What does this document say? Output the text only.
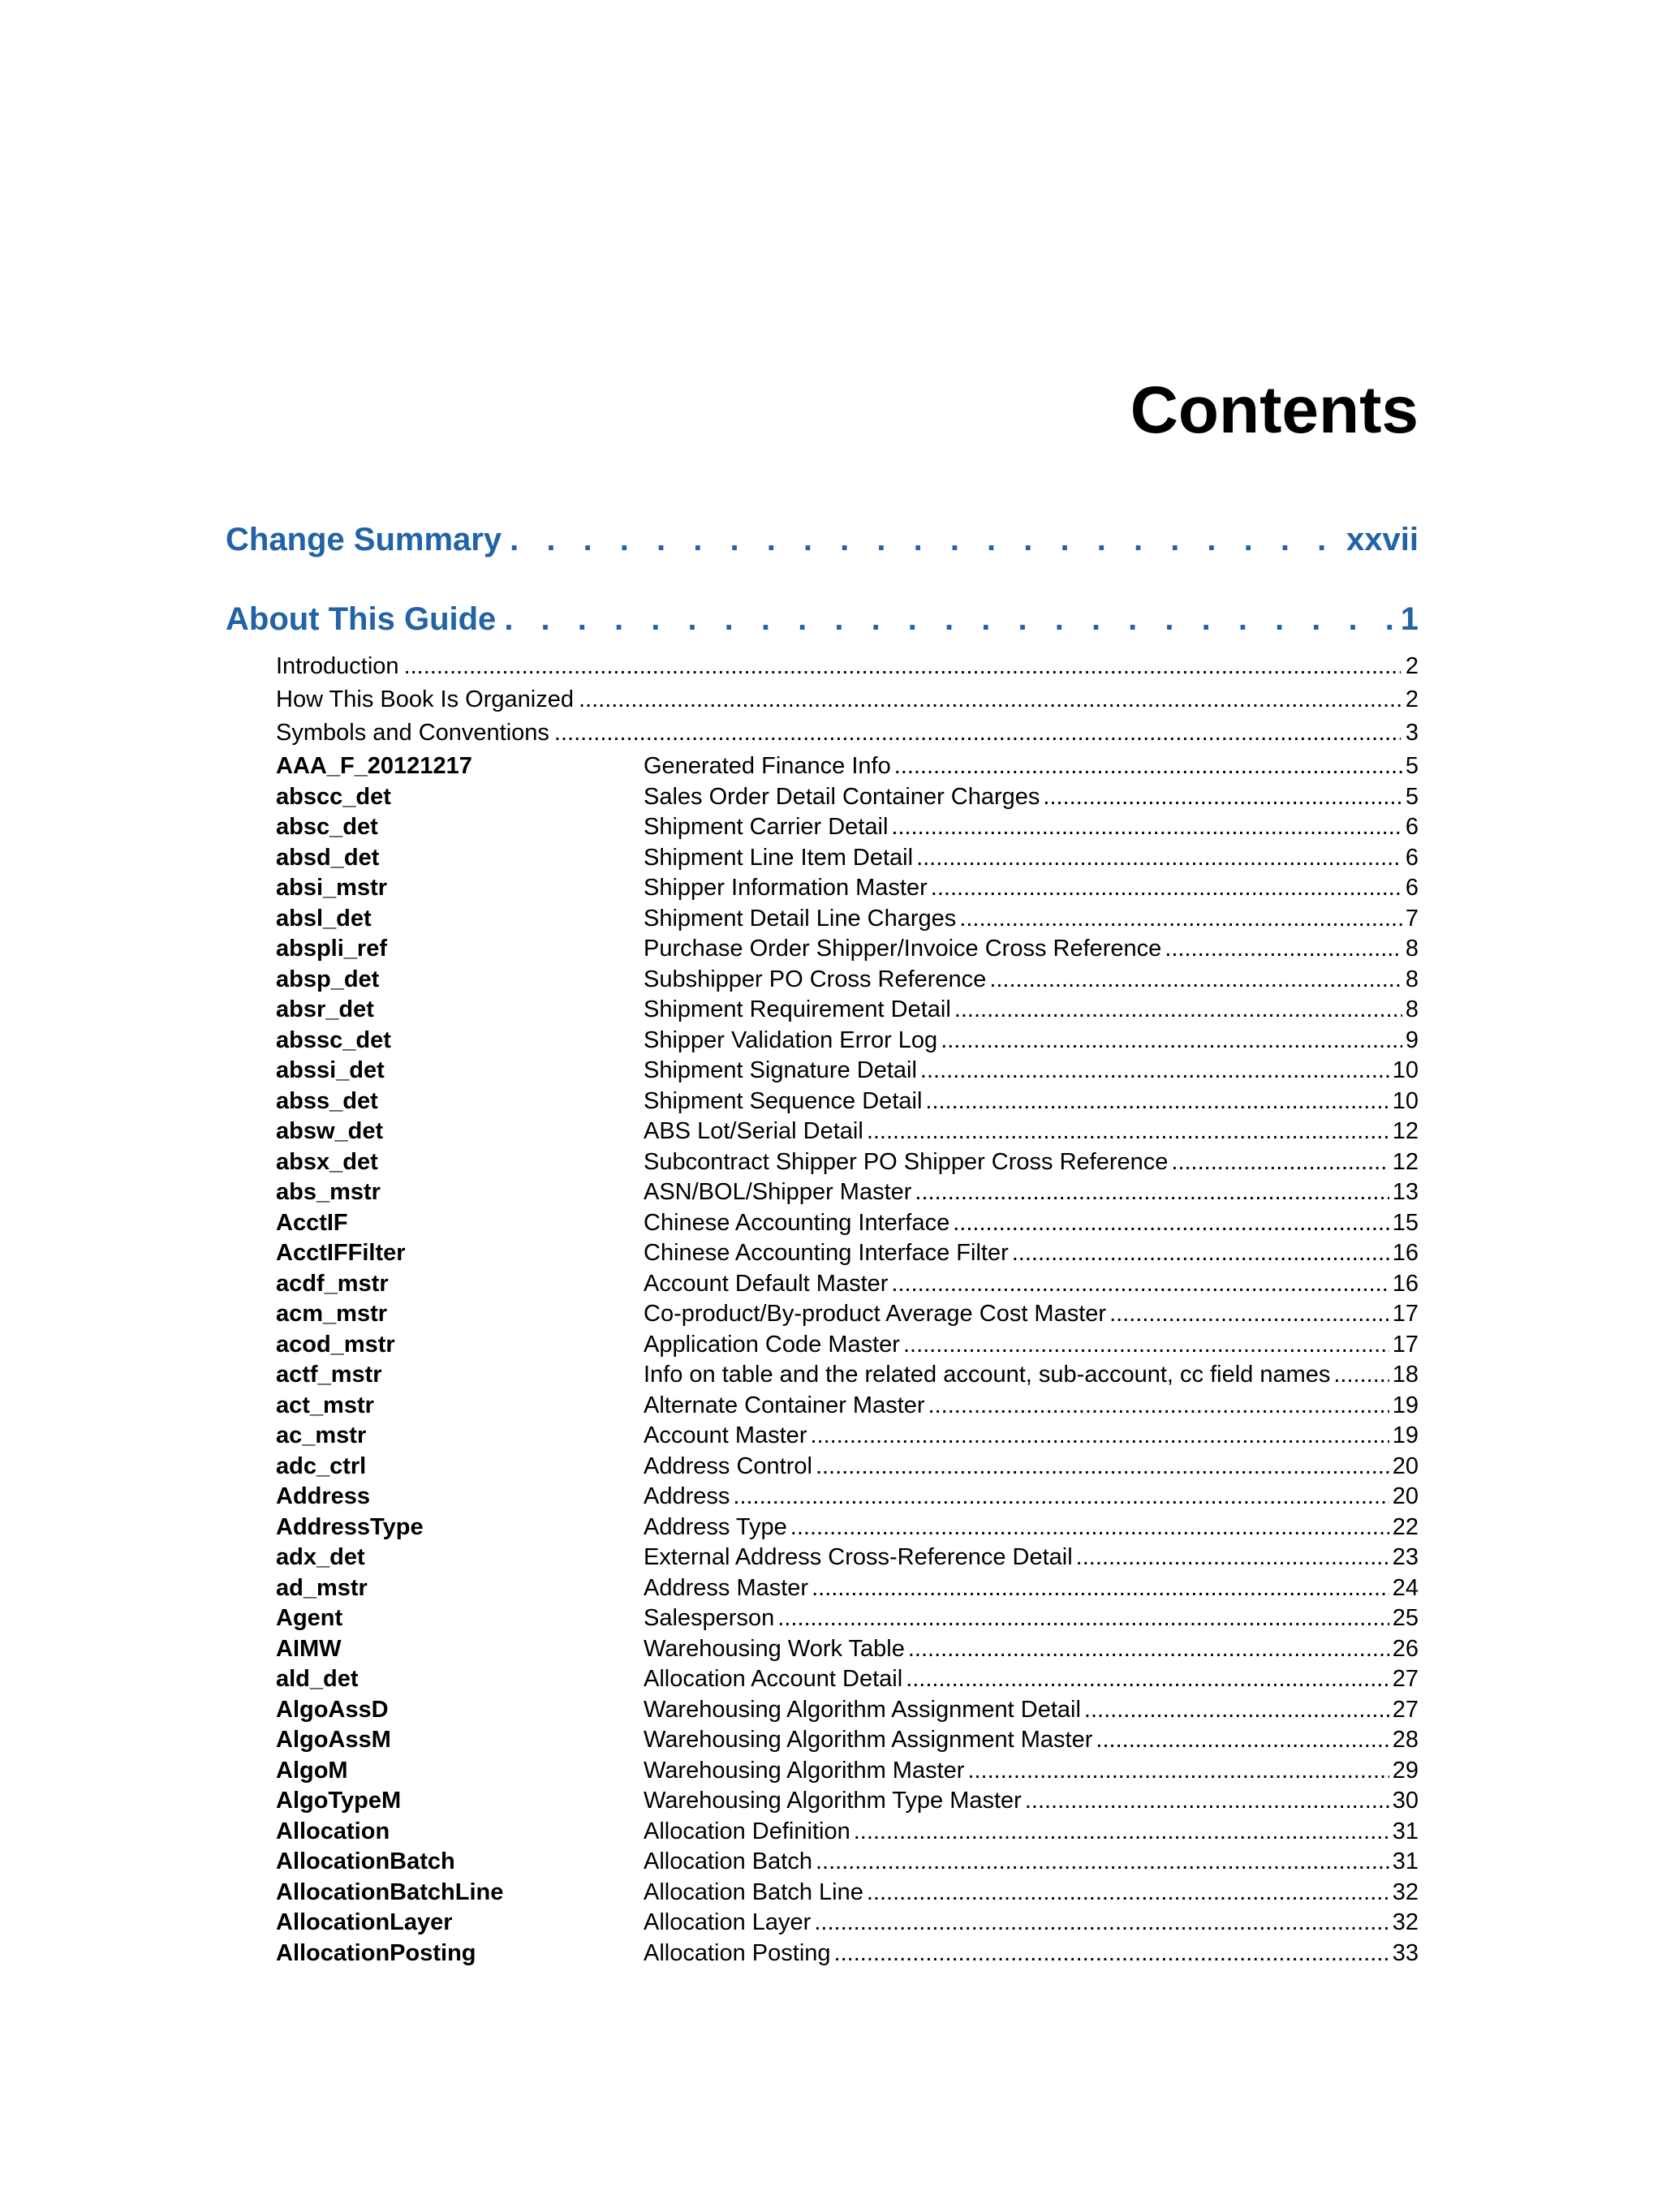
Contents
Change Summary . . .	xxvii
About This Guide . . .	1
Introduction .....	2
How This Book Is Organized .....	2
Symbols and Conventions .....	3
AAA_F_20121217	Generated Finance Info .....	5
abscc_det	Sales Order Detail Container Charges .....	5
absc_det	Shipment Carrier Detail .....	6
absd_det	Shipment Line Item Detail .....	6
absi_mstr	Shipper Information Master .....	6
absl_det	Shipment Detail Line Charges .....	7
abspli_ref	Purchase Order Shipper/Invoice Cross Reference .....	8
absp_det	Subshipper PO Cross Reference .....	8
absr_det	Shipment Requirement Detail .....	8
abssc_det	Shipper Validation Error Log .....	9
abssi_det	Shipment Signature Detail .....	10
abss_det	Shipment Sequence Detail .....	10
absw_det	ABS Lot/Serial Detail .....	12
absx_det	Subcontract Shipper PO Shipper Cross Reference .....	12
abs_mstr	ASN/BOL/Shipper Master .....	13
AcctIF	Chinese Accounting Interface .....	15
AcctIFFilter	Chinese Accounting Interface Filter .....	16
acdf_mstr	Account Default Master .....	16
acm_mstr	Co-product/By-product Average Cost Master .....	17
acod_mstr	Application Code Master .....	17
actf_mstr	Info on table and the related account, sub-account, cc field names .....	18
act_mstr	Alternate Container Master .....	19
ac_mstr	Account Master .....	19
adc_ctrl	Address Control .....	20
Address	Address .....	20
AddressType	Address Type .....	22
adx_det	External Address Cross-Reference Detail .....	23
ad_mstr	Address Master .....	24
Agent	Salesperson .....	25
AIMW	Warehousing Work Table .....	26
ald_det	Allocation Account Detail .....	27
AlgoAssD	Warehousing Algorithm Assignment Detail .....	27
AlgoAssM	Warehousing Algorithm Assignment Master .....	28
AlgoM	Warehousing Algorithm Master .....	29
AlgoTypeM	Warehousing Algorithm Type Master .....	30
Allocation	Allocation Definition .....	31
AllocationBatch	Allocation Batch .....	31
AllocationBatchLine	Allocation Batch Line .....	32
AllocationLayer	Allocation Layer .....	32
AllocationPosting	Allocation Posting .....	33
